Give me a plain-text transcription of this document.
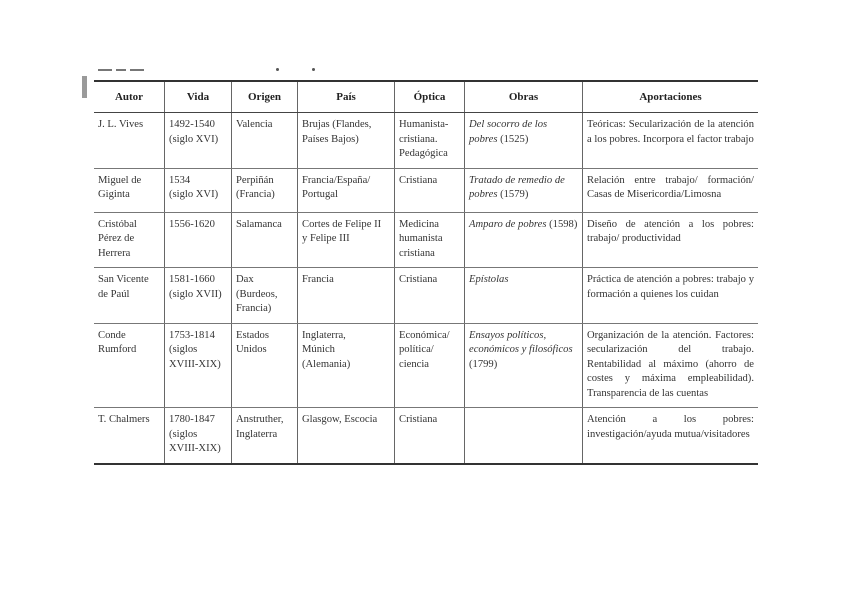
Autor	Vida	Origen	País	Óptica	Obras	Aportaciones

J. L. Vives	1492-1540
(siglo XVI)	Valencia	Brujas (Flandes,
Países Bajos)	Humanista-
cristiana.
Pedagógica	Del socorro de los pobres (1525)	Teóricas: Secularización de la atención a los pobres. Incorpora el factor trabajo

Miguel de
Giginta	1534
(siglo XVI)	Perpiñán
(Francia)	Francia/España/
Portugal	Cristiana	Tratado de remedio de pobres (1579)	Relación entre trabajo/ formación/ Casas de Misericordia/Limosna

Cristóbal
Pérez de
Herrera	1556-1620	Salamanca	Cortes de Felipe II
y Felipe III	Medicina
humanista
cristiana	Amparo de pobres (1598)	Diseño de atención a los pobres: trabajo/ productividad

San Vicente
de Paúl	1581-1660
(siglo XVII)	Dax
(Burdeos,
Francia)	Francia	Cristiana	Epístolas	Práctica de atención a pobres: trabajo y formación a quienes los cuidan

Conde
Rumford	1753-1814
(siglos
XVIII-XIX)	Estados
Unidos	Inglaterra,
Múnich
(Alemania)	Económica/
política/
ciencia	Ensayos políticos, económicos y filosóficos (1799)	Organización de la atención. Factores: secularización del trabajo. Rentabilidad al máximo (ahorro de costes y máxima empleabilidad). Transparencia de las cuentas

T. Chalmers	1780-1847
(siglos
XVIII-XIX)	Anstruther,
Inglaterra	Glasgow, Escocia	Cristiana		Atención a los pobres: investigación/ayuda mutua/visitadores
